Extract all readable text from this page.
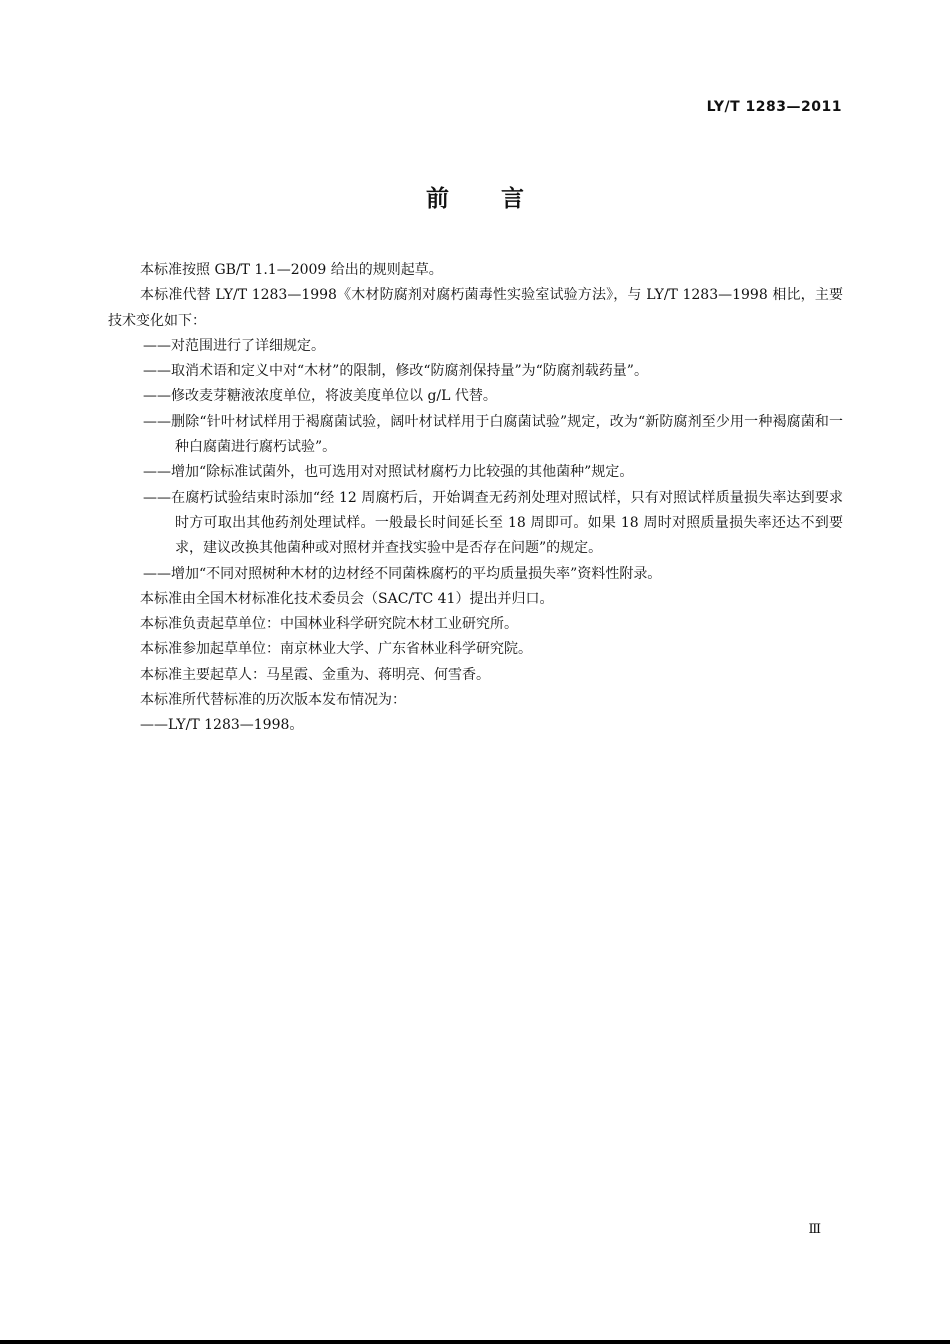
LY/T 1283—2011
前 言

本标准按照 GB/T 1.1—2009 给出的规则起草。

本标准代替 LY/T 1283—1998《木材防腐剂对腐朽菌毒性实验室试验方法》，与 LY/T 1283—1998 相比，主要技术变化如下：

——对范围进行了详细规定。

——取消术语和定义中对“木材”的限制，修改“防腐剂保持量”为“防腐剂载药量”。

——修改麦芽糖液浓度单位，将波美度单位以 g/L 代替。

——删除“针叶材试样用于褐腐菌试验，阔叶材试样用于白腐菌试验”规定，改为“新防腐剂至少用一种褐腐菌和一种白腐菌进行腐朽试验”。

——增加“除标准试菌外，也可选用对对照试材腐朽力比较强的其他菌种”规定。

——在腐朽试验结束时添加“经 12 周腐朽后，开始调查无药剂处理对照试样，只有对照试样质量损失率达到要求时方可取出其他药剂处理试样。一般最长时间延长至 18 周即可。如果 18 周时对照质量损失率还达不到要求，建议改换其他菌种或对照材并查找实验中是否存在问题”的规定。

——增加“不同对照树种木材的边材经不同菌株腐朽的平均质量损失率”资料性附录。

本标准由全国木材标准化技术委员会（SAC/TC 41）提出并归口。

本标准负责起草单位：中国林业科学研究院木材工业研究所。

本标准参加起草单位：南京林业大学、广东省林业科学研究院。

本标准主要起草人：马星霞、金重为、蒋明亮、何雪香。

本标准所代替标准的历次版本发布情况为：

——LY/T 1283—1998。

Ⅲ
